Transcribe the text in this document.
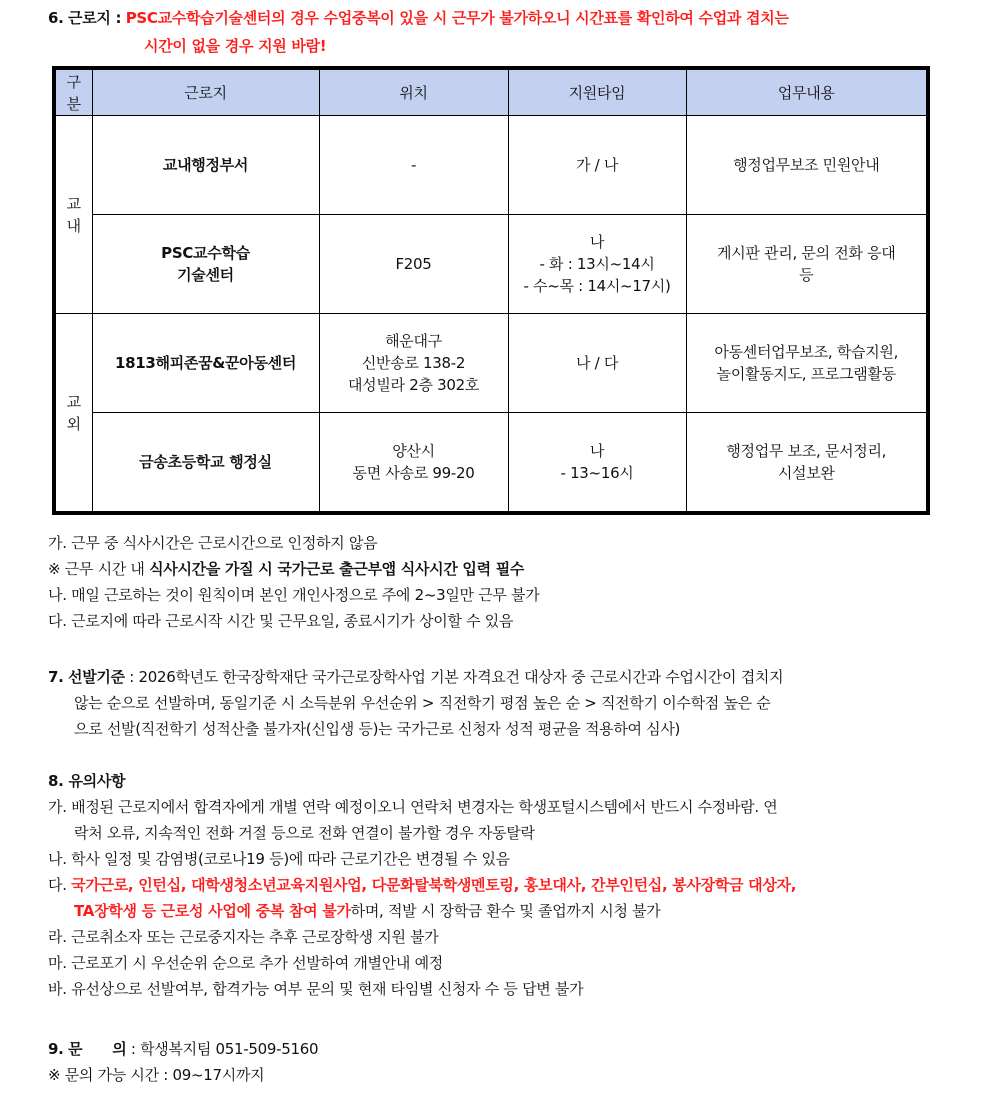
6. 근로지 : PSC교수학습기술센터의 경우 수업중복이 있을 시 근무가 불가하오니 시간표를 확인하여 수업과 겹치는
시간이 없을 경우 지원 바람!
구
분	근로지	위치	지원타임	업무내용

교
내	교내행정부서	-	가 / 나	행정업무보조 민원안내

	PSC교수학습
기술센터	F205	나
- 화 : 13시~14시
- 수~목 : 14시~17시)	게시판 관리, 문의 전화 응대
등

교
외	1813해피존꿈&꾼아동센터	해운대구
신반송로 138-2
대성빌라 2층 302호	나 / 다	아동센터업무보조, 학습지원,
놀이활동지도, 프로그램활동

	금송초등학교 행정실	양산시
동면 사송로 99-20	나
- 13~16시	행정업무 보조, 문서정리,
시설보완
가. 근무 중 식사시간은 근로시간으로 인정하지 않음
※ 근무 시간 내 식사시간을 가질 시 국가근로 출근부앱 식사시간 입력 필수
나. 매일 근로하는 것이 원칙이며 본인 개인사정으로 주에 2~3일만 근무 불가
다. 근로지에 따라 근로시작 시간 및 근무요일, 종료시기가 상이할 수 있음
7. 선발기준 : 2026학년도 한국장학재단 국가근로장학사업 기본 자격요건 대상자 중 근로시간과 수업시간이 겹치지
않는 순으로 선발하며, 동일기준 시 소득분위 우선순위 > 직전학기 평점 높은 순 > 직전학기 이수학점 높은 순
으로 선발(직전학기 성적산출 불가자(신입생 등)는 국가근로 신청자 성적 평균을 적용하여 심사)
8. 유의사항
가. 배정된 근로지에서 합격자에게 개별 연락 예정이오니 연락처 변경자는 학생포털시스템에서 반드시 수정바람. 연
락처 오류, 지속적인 전화 거절 등으로 전화 연결이 불가할 경우 자동탈락
나. 학사 일정 및 감염병(코로나19 등)에 따라 근로기간은 변경될 수 있음
다. 국가근로, 인턴십, 대학생청소년교육지원사업, 다문화탈북학생멘토링, 홍보대사, 간부인턴십, 봉사장학금 대상자,
TA장학생 등 근로성 사업에 중복 참여 불가하며, 적발 시 장학금 환수 및 졸업까지 시청 불가
라. 근로취소자 또는 근로중지자는 추후 근로장학생 지원 불가
마. 근로포기 시 우선순위 순으로 추가 선발하여 개별안내 예정
바. 유선상으로 선발여부, 합격가능 여부 문의 및 현재 타임별 신청자 수 등 답변 불가
9. 문 의 : 학생복지팀 051-509-5160
※ 문의 가능 시간 : 09~17시까지
